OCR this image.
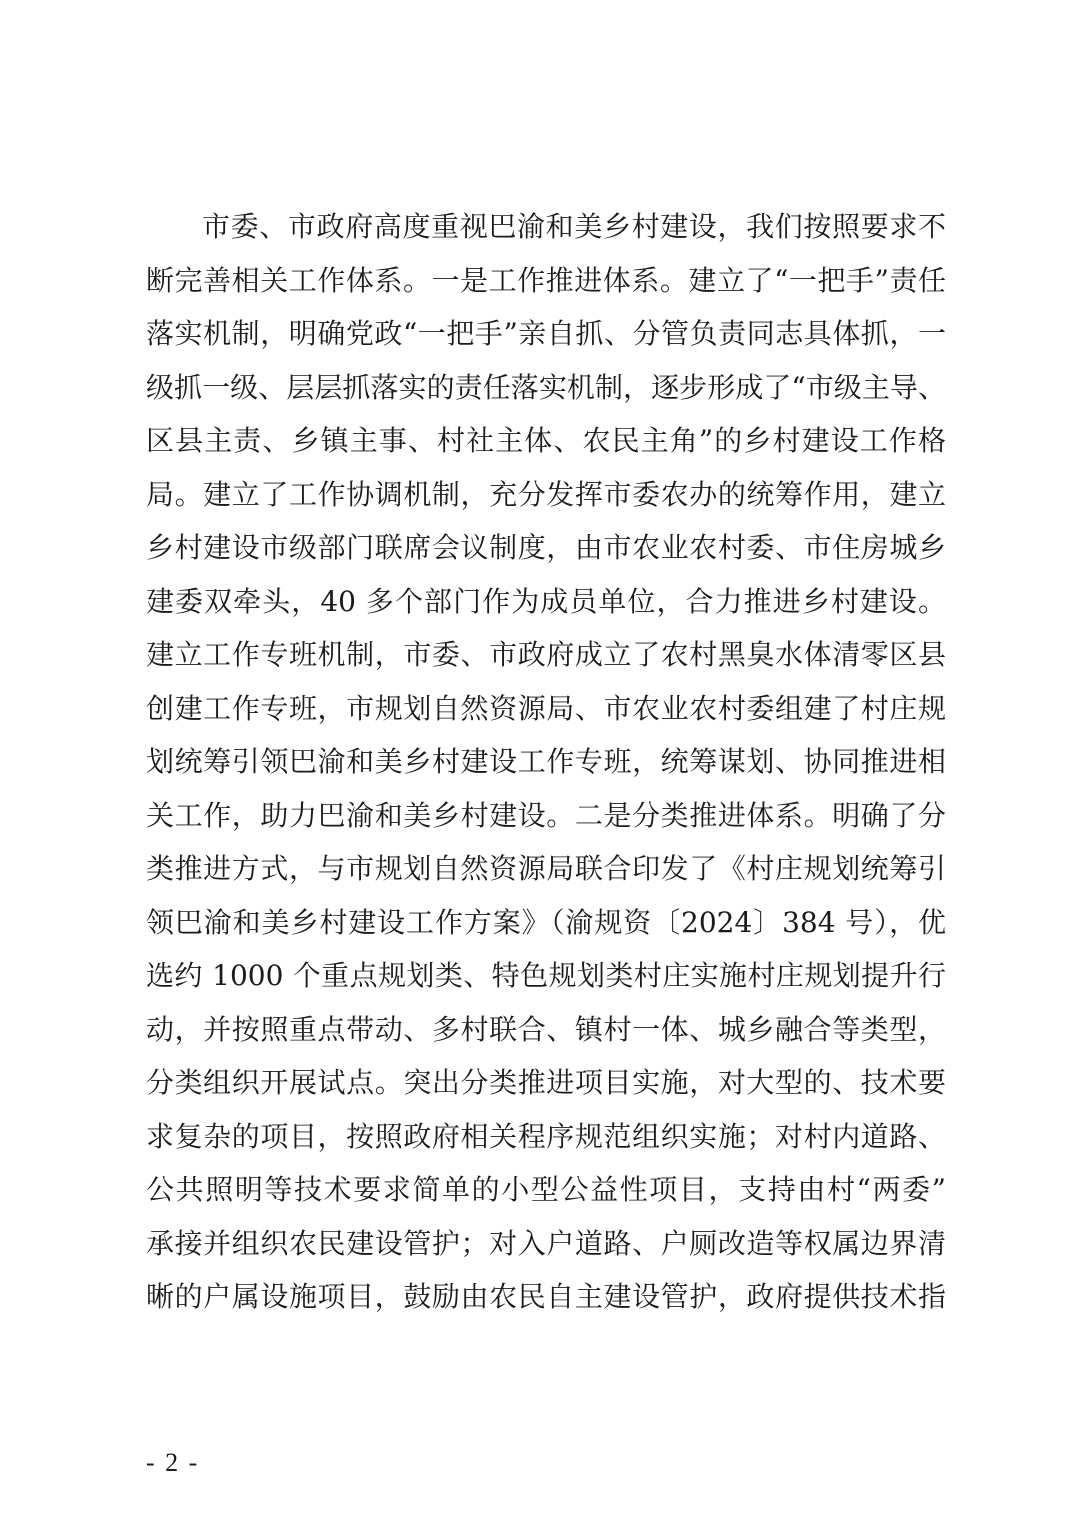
市委、市政府高度重视巴渝和美乡村建设，我们按照要求不
断完善相关工作体系。一是工作推进体系。建立了“一把手”责任
落实机制，明确党政“一把手”亲自抓、分管负责同志具体抓，一
级抓一级、层层抓落实的责任落实机制，逐步形成了“市级主导、
区县主责、乡镇主事、村社主体、农民主角”的乡村建设工作格
局。建立了工作协调机制，充分发挥市委农办的统筹作用，建立
乡村建设市级部门联席会议制度，由市农业农村委、市住房城乡
建委双牵头，40 多个部门作为成员单位，合力推进乡村建设。
建立工作专班机制，市委、市政府成立了农村黑臭水体清零区县
创建工作专班，市规划自然资源局、市农业农村委组建了村庄规
划统筹引领巴渝和美乡村建设工作专班，统筹谋划、协同推进相
关工作，助力巴渝和美乡村建设。二是分类推进体系。明确了分
类推进方式，与市规划自然资源局联合印发了《村庄规划统筹引
领巴渝和美乡村建设工作方案》（渝规资〔2024〕384 号），优
选约 1000 个重点规划类、特色规划类村庄实施村庄规划提升行
动，并按照重点带动、多村联合、镇村一体、城乡融合等类型，
分类组织开展试点。突出分类推进项目实施，对大型的、技术要
求复杂的项目，按照政府相关程序规范组织实施；对村内道路、
公共照明等技术要求简单的小型公益性项目，支持由村“两委”
承接并组织农民建设管护；对入户道路、户厕改造等权属边界清
晰的户属设施项目，鼓励由农民自主建设管护，政府提供技术指
- 2 -
